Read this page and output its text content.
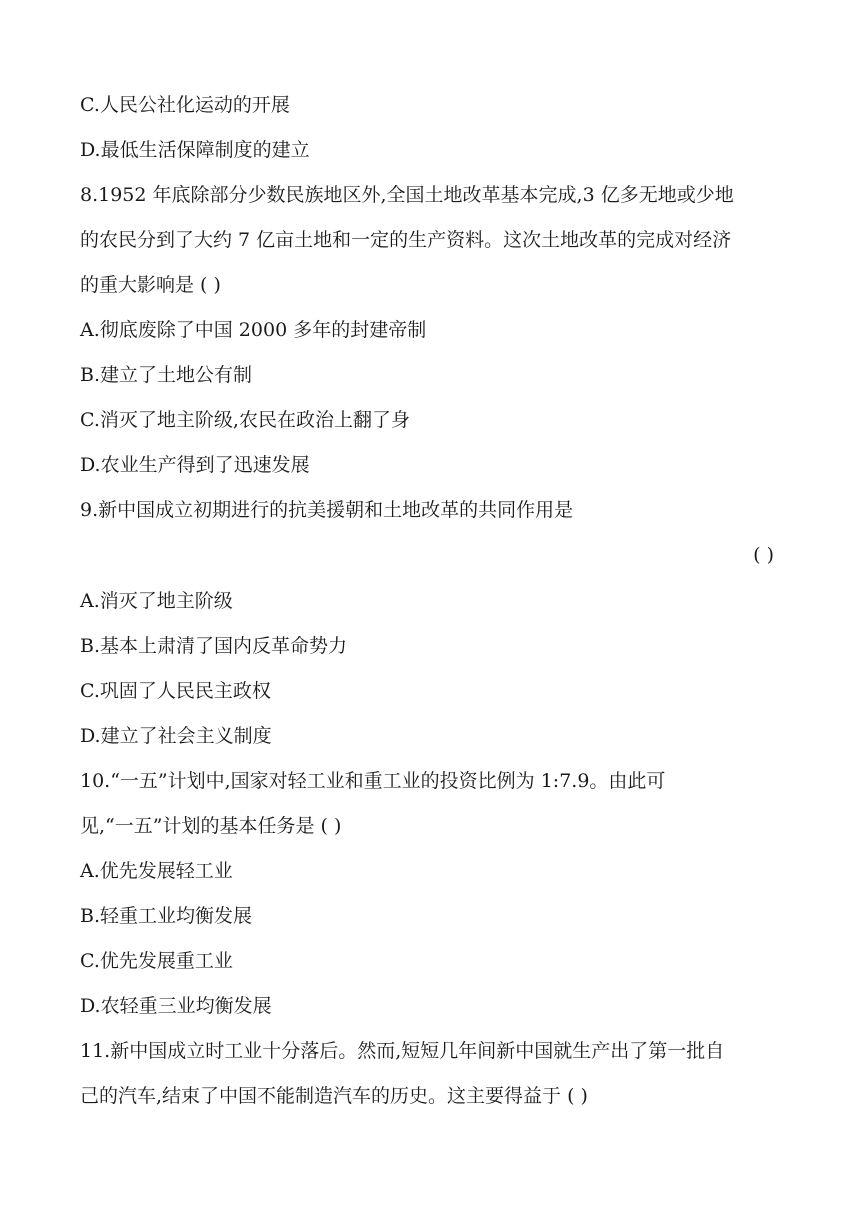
C.人民公社化运动的开展
D.最低生活保障制度的建立
8.1952 年底除部分少数民族地区外,全国土地改革基本完成,3 亿多无地或少地
的农民分到了大约 7 亿亩土地和一定的生产资料。这次土地改革的完成对经济
的重大影响是 ( )
A.彻底废除了中国 2000 多年的封建帝制
B.建立了土地公有制
C.消灭了地主阶级,农民在政治上翻了身
D.农业生产得到了迅速发展
9.新中国成立初期进行的抗美援朝和土地改革的共同作用是
( )
A.消灭了地主阶级
B.基本上肃清了国内反革命势力
C.巩固了人民民主政权
D.建立了社会主义制度
10.“一五”计划中,国家对轻工业和重工业的投资比例为 1:7.9。由此可
见,“一五”计划的基本任务是 ( )
A.优先发展轻工业
B.轻重工业均衡发展
C.优先发展重工业
D.农轻重三业均衡发展
11.新中国成立时工业十分落后。然而,短短几年间新中国就生产出了第一批自
己的汽车,结束了中国不能制造汽车的历史。这主要得益于 ( )
